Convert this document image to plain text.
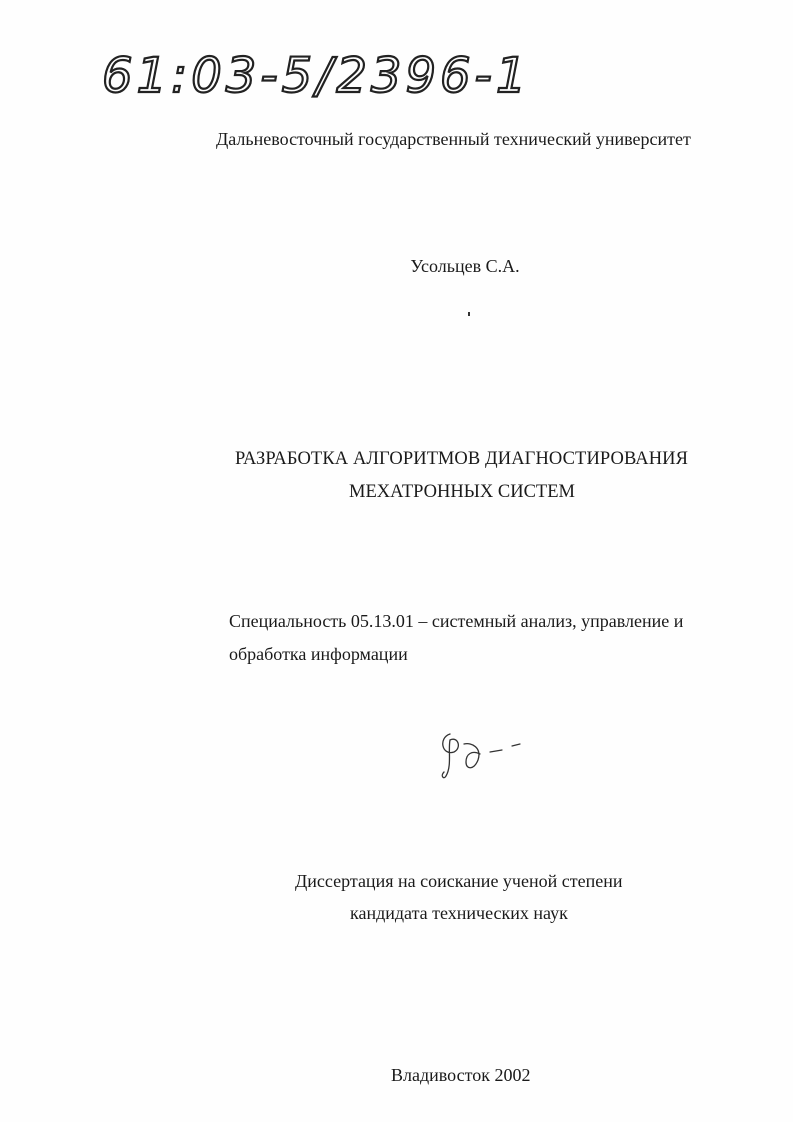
61:03-5/2396-1
Дальневосточный государственный технический университет
Усольцев С.А.
РАЗРАБОТКА АЛГОРИТМОВ ДИАГНОСТИРОВАНИЯ
МЕХАТРОННЫХ СИСТЕМ
Специальность 05.13.01 – системный анализ, управление и
обработка информации
Диссертация на соискание ученой степени
кандидата технических наук
Владивосток 2002
